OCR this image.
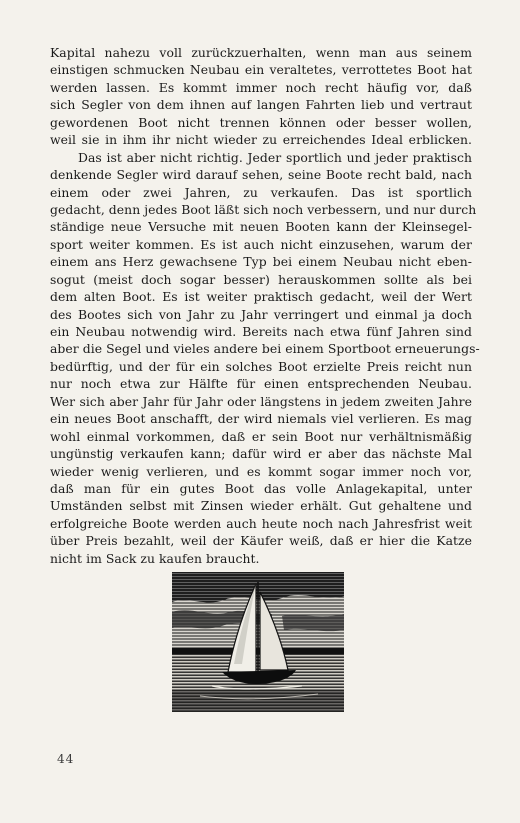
Kapital nahezu voll zurückzuerhalten, wenn man aus seinem
einstigen schmucken Neubau ein veraltetes, verrottetes Boot hat
werden lassen. Es kommt immer noch recht häufig vor, daß
sich Segler von dem ihnen auf langen Fahrten lieb und vertraut
gewordenen Boot nicht trennen können oder besser wollen,
weil sie in ihm ihr nicht wieder zu erreichendes Ideal erblicken.
Das ist aber nicht richtig. Jeder sportlich und jeder praktisch
denkende Segler wird darauf sehen, seine Boote recht bald, nach
einem oder zwei Jahren, zu verkaufen. Das ist sportlich
gedacht, denn jedes Boot läßt sich noch verbessern, und nur durch
ständige neue Versuche mit neuen Booten kann der Kleinsegel-
sport weiter kommen. Es ist auch nicht einzusehen, warum der
einem ans Herz gewachsene Typ bei einem Neubau nicht eben-
sogut (meist doch sogar besser) herauskommen sollte als bei
dem alten Boot. Es ist weiter praktisch gedacht, weil der Wert
des Bootes sich von Jahr zu Jahr verringert und einmal ja doch
ein Neubau notwendig wird. Bereits nach etwa fünf Jahren sind
aber die Segel und vieles andere bei einem Sportboot erneuerungs-
bedürftig, und der für ein solches Boot erzielte Preis reicht nun
nur noch etwa zur Hälfte für einen entsprechenden Neubau.
Wer sich aber Jahr für Jahr oder längstens in jedem zweiten Jahre
ein neues Boot anschafft, der wird niemals viel verlieren. Es mag
wohl einmal vorkommen, daß er sein Boot nur verhältnismäßig
ungünstig verkaufen kann; dafür wird er aber das nächste Mal
wieder wenig verlieren, und es kommt sogar immer noch vor,
daß man für ein gutes Boot das volle Anlagekapital, unter
Umständen selbst mit Zinsen wieder erhält. Gut gehaltene und
erfolgreiche Boote werden auch heute noch nach Jahresfrist weit
über Preis bezahlt, weil der Käufer weiß, daß er hier die Katze
nicht im Sack zu kaufen braucht.
44
